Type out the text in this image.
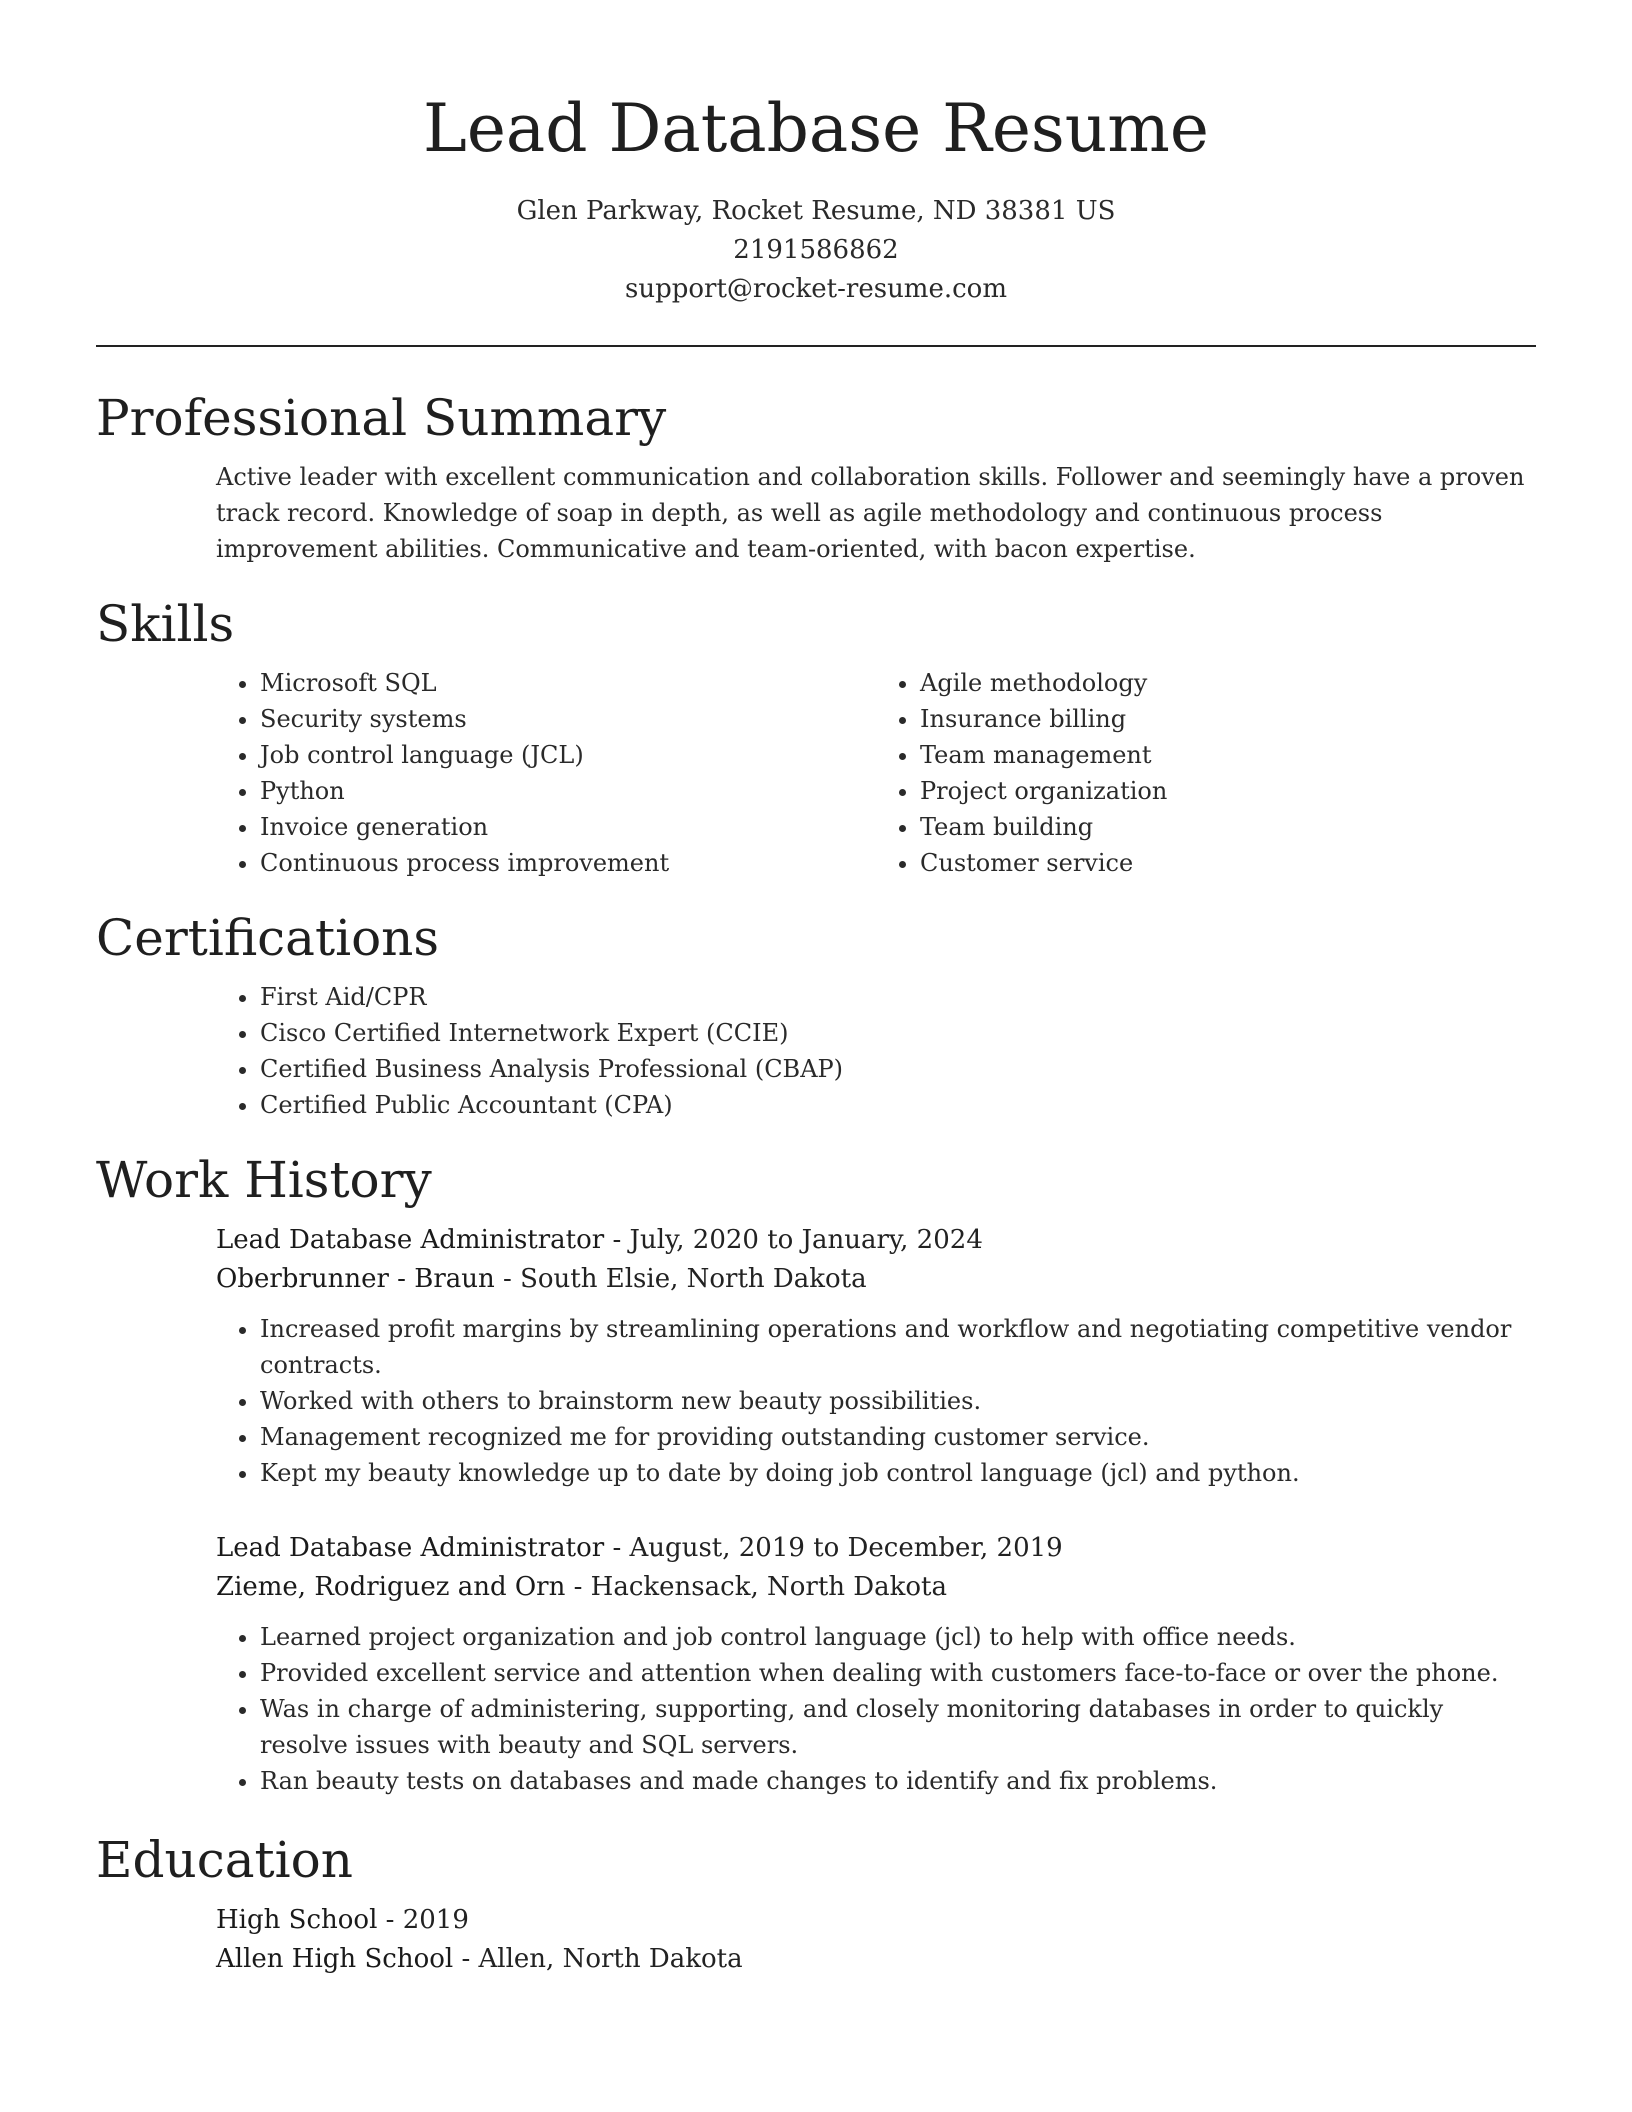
Lead Database Resume
Glen Parkway, Rocket Resume, ND 38381 US
2191586862
support@rocket-resume.com
Professional Summary
Active leader with excellent communication and collaboration skills. Follower and seemingly have a proven track record. Knowledge of soap in depth, as well as agile methodology and continuous process improvement abilities. Communicative and team-oriented, with bacon expertise.
Skills
• Microsoft SQL
• Security systems
• Job control language (JCL)
• Python
• Invoice generation
• Continuous process improvement
• Agile methodology
• Insurance billing
• Team management
• Project organization
• Team building
• Customer service
Certifications
• First Aid/CPR
• Cisco Certified Internetwork Expert (CCIE)
• Certified Business Analysis Professional (CBAP)
• Certified Public Accountant (CPA)
Work History
Lead Database Administrator - July, 2020 to January, 2024
Oberbrunner - Braun - South Elsie, North Dakota
• Increased profit margins by streamlining operations and workflow and negotiating competitive vendor contracts.
• Worked with others to brainstorm new beauty possibilities.
• Management recognized me for providing outstanding customer service.
• Kept my beauty knowledge up to date by doing job control language (jcl) and python.
Lead Database Administrator - August, 2019 to December, 2019
Zieme, Rodriguez and Orn - Hackensack, North Dakota
• Learned project organization and job control language (jcl) to help with office needs.
• Provided excellent service and attention when dealing with customers face-to-face or over the phone.
• Was in charge of administering, supporting, and closely monitoring databases in order to quickly resolve issues with beauty and SQL servers.
• Ran beauty tests on databases and made changes to identify and fix problems.
Education
High School - 2019
Allen High School - Allen, North Dakota
